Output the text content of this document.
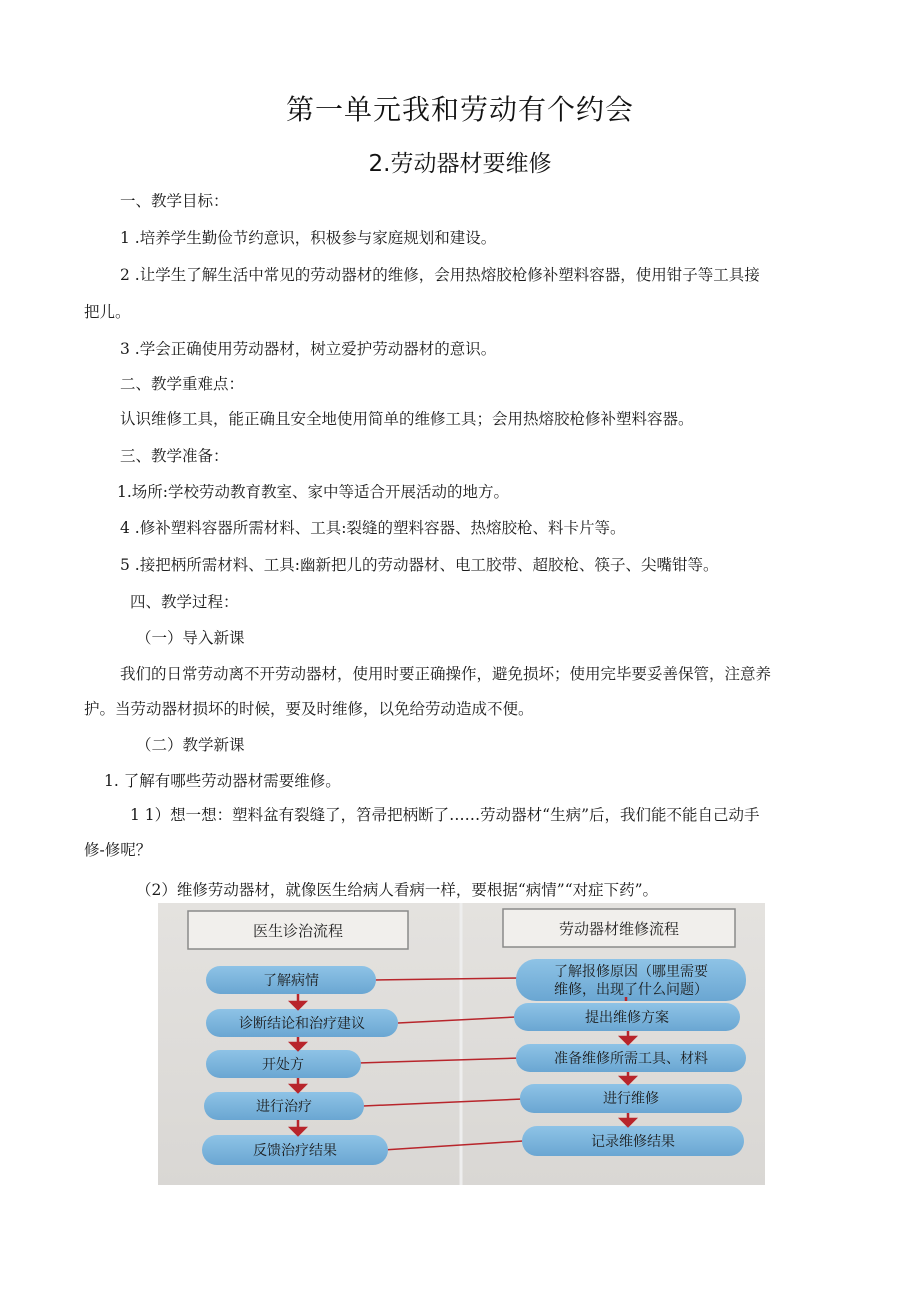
第一单元我和劳动有个约会
2.劳动器材要维修
一、教学目标：
1 .培养学生勤俭节约意识，积极参与家庭规划和建设。
2 .让学生了解生活中常见的劳动器材的维修，会用热熔胶枪修补塑料容器，使用钳子等工具接
把儿。
3 .学会正确使用劳动器材，树立爱护劳动器材的意识。
二、教学重难点：
认识维修工具，能正确且安全地使用简单的维修工具；会用热熔胶枪修补塑料容器。
三、教学准备：
1.场所:学校劳动教育教室、家中等适合开展活动的地方。
4 .修补塑料容器所需材料、工具:裂缝的塑料容器、热熔胶枪、料卡片等。
5 .接把柄所需材料、工具:幽新把儿的劳动器材、电工胶带、超胶枪、筷子、尖嘴钳等。
四、教学过程：
（一）导入新课
我们的日常劳动离不开劳动器材，使用时要正确操作，避免损坏；使用完毕要妥善保管，注意养
护。当劳动器材损坏的时候，要及时维修，以免给劳动造成不便。
（二）教学新课
1. 了解有哪些劳动器材需要维修。
1 1）想一想：塑料盆有裂缝了，笤帚把柄断了……劳动器材“生病”后，我们能不能自己动手
修-修呢？
（2）维修劳动器材，就像医生给病人看病一样，要根据“病情”“对症下药”。
医生诊治流程	劳动器材维修流程
了解病情
诊断结论和治疗建议
开处方
进行治疗
反馈治疗结果
了解报修原因（哪里需要
维修，出现了什么问题）
提出维修方案
准备维修所需工具、材料
进行维修
记录维修结果
